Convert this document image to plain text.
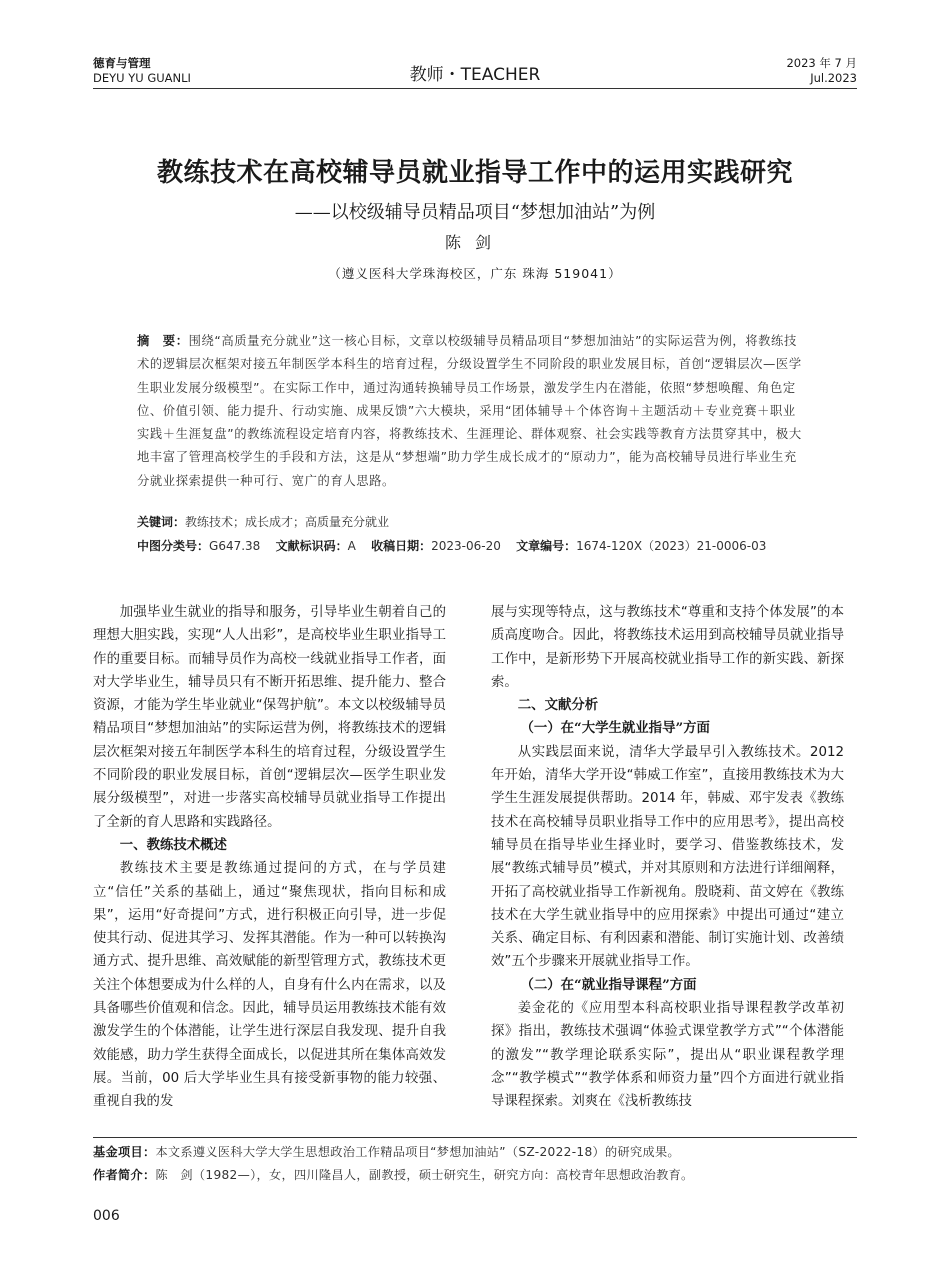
德育与管理
DEYU YU GUANLI	教师・TEACHER
2023 年 7 月
Jul.2023
教练技术在高校辅导员就业指导工作中的运用实践研究
——以校级辅导员精品项目“梦想加油站”为例
陈剑
（遵义医科大学珠海校区，广东 珠海 519041）
摘　要：围绕“高质量充分就业”这一核心目标，文章以校级辅导员精品项目“梦想加油站”的实际运营为例，将教练技术的逻辑层次框架对接五年制医学本科生的培育过程，分级设置学生不同阶段的职业发展目标，首创“逻辑层次—医学生职业发展分级模型”。在实际工作中，通过沟通转换辅导员工作场景，激发学生内在潜能，依照“梦想唤醒、角色定位、价值引领、能力提升、行动实施、成果反馈”六大模块，采用“团体辅导＋个体咨询＋主题活动＋专业竞赛＋职业实践＋生涯复盘”的教练流程设定培育内容，将教练技术、生涯理论、群体观察、社会实践等教育方法贯穿其中，极大地丰富了管理高校学生的手段和方法，这是从“梦想端”助力学生成长成才的“原动力”，能为高校辅导员进行毕业生充分就业探索提供一种可行、宽广的育人思路。
关键词：教练技术；成长成才；高质量充分就业
中图分类号：G647.38 文献标识码：A 收稿日期：2023-06-20 文章编号：1674-120X（2023）21-0006-03

加强毕业生就业的指导和服务，引导毕业生朝着自己的理想大胆实践，实现“人人出彩”，是高校毕业生职业指导工作的重要目标。而辅导员作为高校一线就业指导工作者，面对大学毕业生，辅导员只有不断开拓思维、提升能力、整合资源，才能为学生毕业就业“保驾护航”。本文以校级辅导员精品项目“梦想加油站”的实际运营为例，将教练技术的逻辑层次框架对接五年制医学本科生的培育过程，分级设置学生不同阶段的职业发展目标，首创“逻辑层次—医学生职业发展分级模型”，对进一步落实高校辅导员就业指导工作提出了全新的育人思路和实践路径。

一、教练技术概述

教练技术主要是教练通过提问的方式，在与学员建立“信任”关系的基础上，通过“聚焦现状，指向目标和成果”，运用“好奇提问”方式，进行积极正向引导，进一步促使其行动、促进其学习、发挥其潜能。作为一种可以转换沟通方式、提升思维、高效赋能的新型管理方式，教练技术更关注个体想要成为什么样的人，自身有什么内在需求，以及具备哪些价值观和信念。因此，辅导员运用教练技术能有效激发学生的个体潜能，让学生进行深层自我发现、提升自我效能感，助力学生获得全面成长，以促进其所在集体高效发展。当前，00 后大学毕业生具有接受新事物的能力较强、重视自我的发

展与实现等特点，这与教练技术“尊重和支持个体发展”的本质高度吻合。因此，将教练技术运用到高校辅导员就业指导工作中，是新形势下开展高校就业指导工作的新实践、新探索。

二、文献分析
（一）在“大学生就业指导”方面

从实践层面来说，清华大学最早引入教练技术。2012 年开始，清华大学开设“韩威工作室”，直接用教练技术为大学生生涯发展提供帮助。2014 年，韩威、邓宇发表《教练技术在高校辅导员职业指导工作中的应用思考》，提出高校辅导员在指导毕业生择业时，要学习、借鉴教练技术，发展“教练式辅导员”模式，并对其原则和方法进行详细阐释，开拓了高校就业指导工作新视角。殷晓莉、苗文婷在《教练技术在大学生就业指导中的应用探索》中提出可通过“建立关系、确定目标、有利因素和潜能、制订实施计划、改善绩效”五个步骤来开展就业指导工作。

（二）在“就业指导课程”方面

姜金花的《应用型本科高校职业指导课程教学改革初探》指出，教练技术强调“体验式课堂教学方式”“个体潜能的激发”“教学理论联系实际”，提出从“职业课程教学理念”“教学模式”“教学体系和师资力量”四个方面进行就业指导课程探索。刘爽在《浅析教练技

基金项目：本文系遵义医科大学大学生思想政治工作精品项目“梦想加油站”（SZ-2022-18）的研究成果。
作者简介：陈　剑（1982—），女，四川隆昌人，副教授，硕士研究生，研究方向：高校青年思想政治教育。
006
